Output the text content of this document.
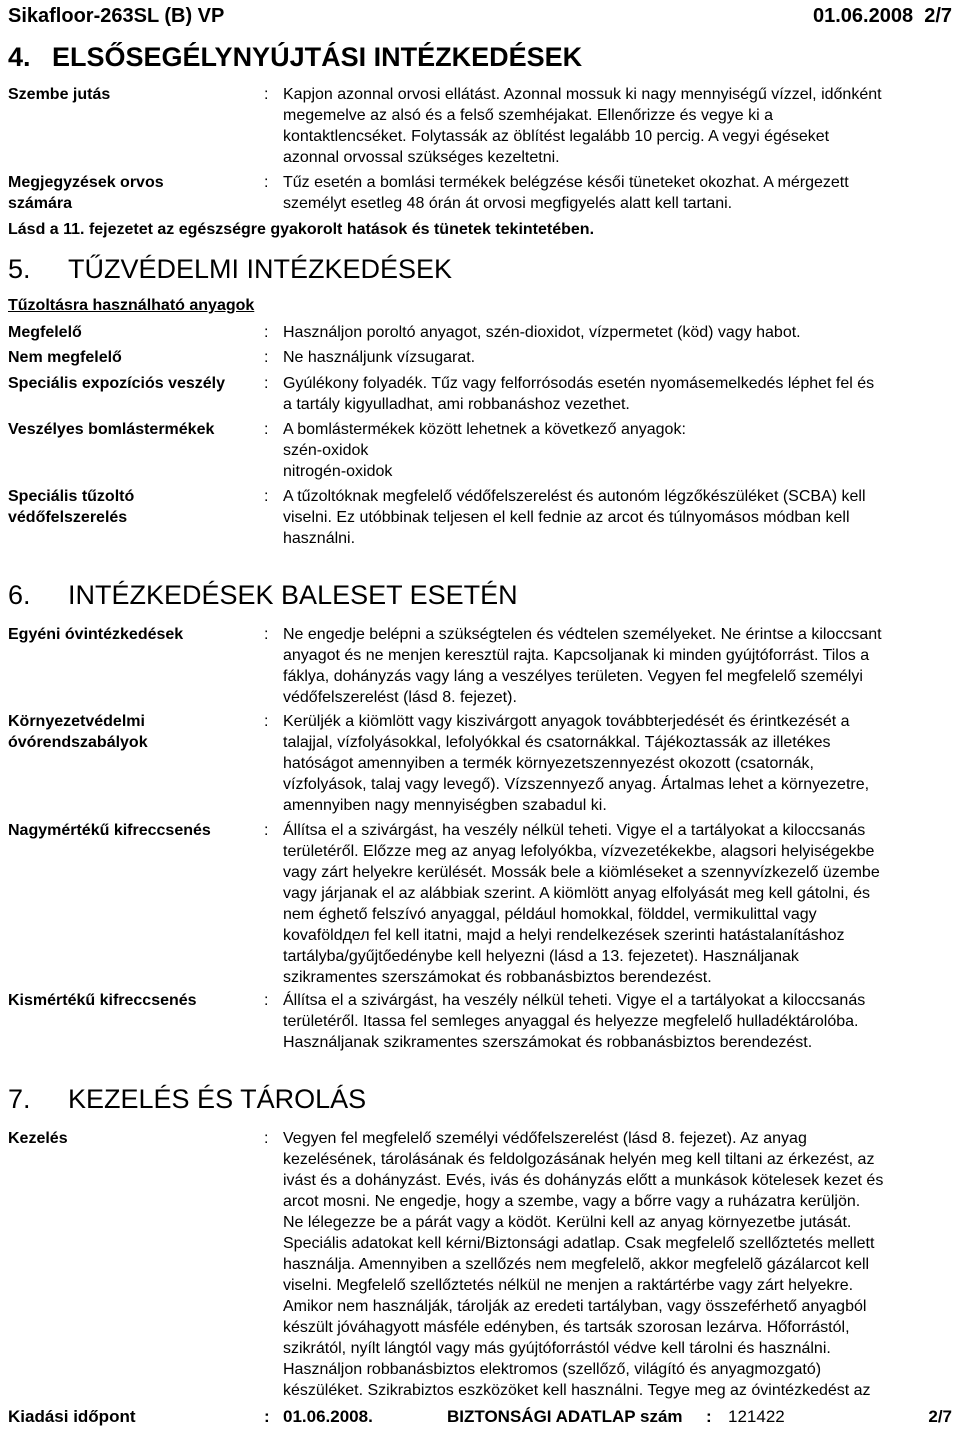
Sikafloor-263SL (B) VP	01.06.2008  2/7
4. ELSŐSEGÉLYNYÚJTÁSI INTÉZKEDÉSEK
Szembe jutás	: Kapjon azonnal orvosi ellátást. Azonnal mossuk ki nagy mennyiségű vízzel, időnként
megemelve az alsó és a felső szemhéjakat. Ellenőrizze és vegye ki a
kontaktlencséket. Folytassák az öblítést legalább 10 percig. A vegyi égéseket
azonnal orvossal szükséges kezeltetni.
Megjegyzések orvos
számára
: Tűz esetén a bomlási termékek belégzése késői tüneteket okozhat. A mérgezett
személyt esetleg 48 órán át orvosi megfigyelés alatt kell tartani.
Lásd a 11. fejezetet az egészségre gyakorolt hatások és tünetek tekintetében.
5. TŰZVÉDELMI INTÉZKEDÉSEK
Tűzoltásra használható anyagok
Megfelelő	: Használjon poroltó anyagot, szén-dioxidot, vízpermetet (köd) vagy habot.
Nem megfelelő	: Ne használjunk vízsugarat.
Speciális expozíciós veszély	: Gyúlékony folyadék. Tűz vagy felforrósodás esetén nyomásemelkedés léphet fel és
a tartály kigyulladhat, ami robbanáshoz vezethet.
Veszélyes bomlástermékek	: A bomlástermékek között lehetnek a következő anyagok:
szén-oxidok
nitrogén-oxidok
Speciális tűzoltó
védőfelszerelés
: A tűzoltóknak megfelelő védőfelszerelést és autonóm légzőkészüléket (SCBA) kell
viselni. Ez utóbbinak teljesen el kell fednie az arcot és túlnyomásos módban kell
használni.
6. INTÉZKEDÉSEK BALESET ESETÉN
Egyéni óvintézkedések	: Ne engedje belépni a szükségtelen és védtelen személyeket. Ne érintse a kiloccsant
anyagot és ne menjen keresztül rajta. Kapcsoljanak ki minden gyújtóforrást. Tilos a
fáklya, dohányzás vagy láng a veszélyes területen. Vegyen fel megfelelő személyi
védőfelszerelést (lásd 8. fejezet).
Környezetvédelmi
óvórendszabályok
: Kerüljék a kiömlött vagy kiszivárgott anyagok továbbterjedését és érintkezését a
talajjal, vízfolyásokkal, lefolyókkal és csatornákkal. Tájékoztassák az illetékes
hatóságot amennyiben a termék környezetszennyezést okozott (csatornák,
vízfolyások, talaj vagy levegő). Vízszennyező anyag. Ártalmas lehet a környezetre,
amennyiben nagy mennyiségben szabadul ki.
Nagymértékű kifreccsenés	: Állítsa el a szivárgást, ha veszély nélkül teheti. Vigye el a tartályokat a kiloccsanás
területéről. Előzze meg az anyag lefolyókba, vízvezetékekbe, alagsori helyiségekbe
vagy zárt helyekre kerülését. Mossák bele a kiömléseket a szennyvízkezelő üzembe
vagy járjanak el az alábbiak szerint. A kiömlött anyag elfolyását meg kell gátolni, és
nem éghető felszívó anyaggal, például homokkal, földdel, vermikulittal vagy
kovaföldдел fel kell itatni, majd a helyi rendelkezések szerinti hatástalanításhoz
tartályba/gyűjtőedénybe kell helyezni (lásd a 13. fejezetet). Használjanak
szikramentes szerszámokat és robbanásbiztos berendezést.
Kismértékű kifreccsenés	: Állítsa el a szivárgást, ha veszély nélkül teheti. Vigye el a tartályokat a kiloccsanás
területéről. Itassa fel semleges anyaggal és helyezze megfelelő hulladéktárolóba.
Használjanak szikramentes szerszámokat és robbanásbiztos berendezést.
7. KEZELÉS ÉS TÁROLÁS
Kezelés	: Vegyen fel megfelelő személyi védőfelszerelést (lásd 8. fejezet). Az anyag
kezelésének, tárolásának és feldolgozásának helyén meg kell tiltani az érkezést, az
ivást és a dohányzást. Evés, ivás és dohányzás előtt a munkások kötelesek kezet és
arcot mosni. Ne engedje, hogy a szembe, vagy a bőrre vagy a ruházatra kerüljön.
Ne lélegezze be a párát vagy a ködöt. Kerülni kell az anyag környezetbe jutását.
Speciális adatokat kell kérni/Biztonsági adatlap. Csak megfelelő szellőztetés mellett
használja. Amennyiben a szellőzés nem megfelelõ, akkor megfelelõ gázálarcot kell
viselni. Megfelelő szellőztetés nélkül ne menjen a raktártérbe vagy zárt helyekre.
Amikor nem használják, tárolják az eredeti tartályban, vagy összeférhető anyagból
készült jóváhagyott másféle edényben, és tartsák szorosan lezárva. Hőforrástól,
szikrától, nyílt lángtól vagy más gyújtóforrástól védve kell tárolni és használni.
Használjon robbanásbiztos elektromos (szellőző, világító és anyagmozgató)
készüléket. Szikrabiztos eszközöket kell használni. Tegye meg az óvintézkedést az
Kiadási időpont	: 01.06.2008.	BIZTONSÁGI ADATLAP szám : 121422	2/7
